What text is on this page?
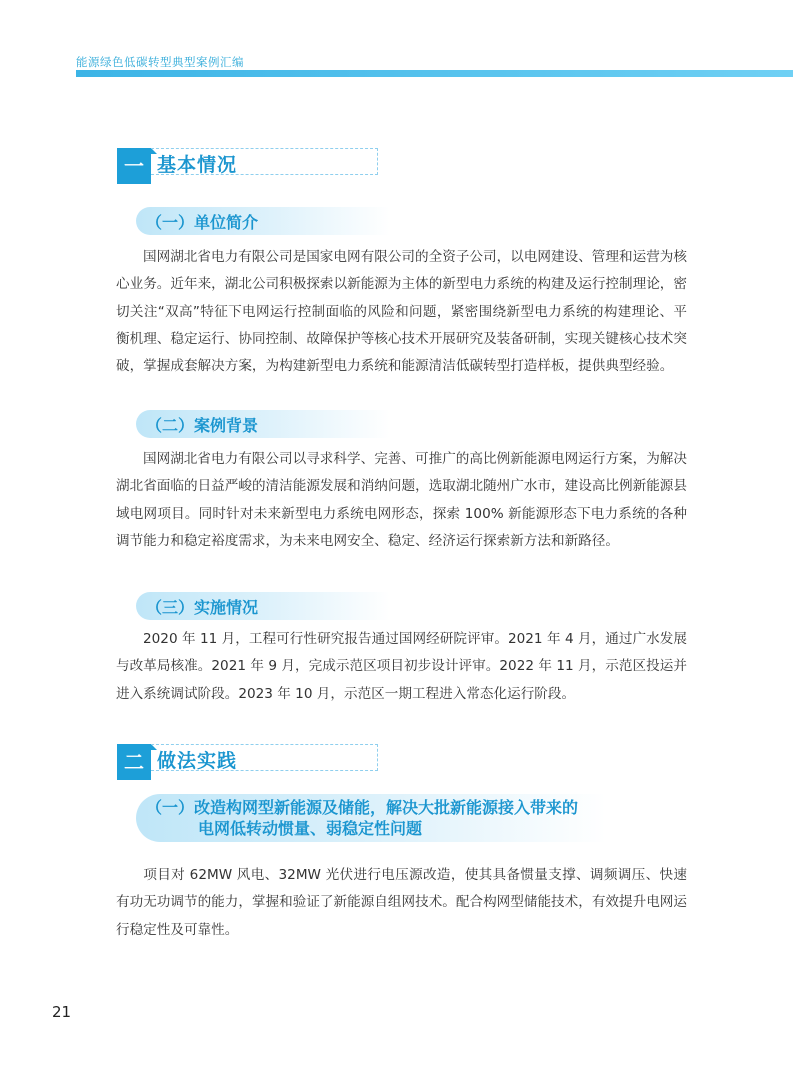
能源绿色低碳转型典型案例汇编
一 基本情况
（一）单位简介

国网湖北省电力有限公司是国家电网有限公司的全资子公司，以电网建设、管理和运营为核心业务。近年来，湖北公司积极探索以新能源为主体的新型电力系统的构建及运行控制理论，密切关注“双高”特征下电网运行控制面临的风险和问题，紧密围绕新型电力系统的构建理论、平衡机理、稳定运行、协同控制、故障保护等核心技术开展研究及装备研制，实现关键核心技术突破，掌握成套解决方案，为构建新型电力系统和能源清洁低碳转型打造样板，提供典型经验。

（二）案例背景

国网湖北省电力有限公司以寻求科学、完善、可推广的高比例新能源电网运行方案，为解决湖北省面临的日益严峻的清洁能源发展和消纳问题，选取湖北随州广水市，建设高比例新能源县域电网项目。同时针对未来新型电力系统电网形态，探索 100% 新能源形态下电力系统的各种调节能力和稳定裕度需求，为未来电网安全、稳定、经济运行探索新方法和新路径。

（三）实施情况

2020 年 11 月，工程可行性研究报告通过国网经研院评审。2021 年 4 月，通过广水发展与改革局核准。2021 年 9 月，完成示范区项目初步设计评审。2022 年 11 月，示范区投运并进入系统调试阶段。2023 年 10 月，示范区一期工程进入常态化运行阶段。

二 做法实践
（一）改造构网型新能源及储能，解决大批新能源接入带来的
电网低转动惯量、弱稳定性问题

项目对 62MW 风电、32MW 光伏进行电压源改造，使其具备惯量支撑、调频调压、快速有功无功调节的能力，掌握和验证了新能源自组网技术。配合构网型储能技术，有效提升电网运行稳定性及可靠性。

21
